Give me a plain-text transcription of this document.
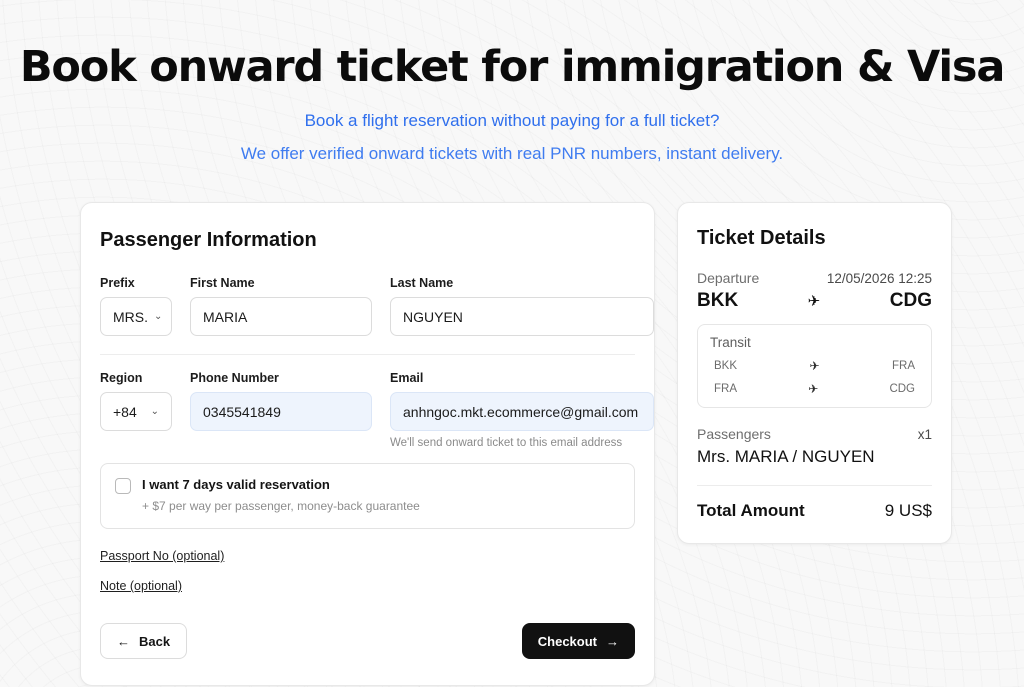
Book onward ticket for immigration & Visa
Book a flight reservation without paying for a full ticket?
We offer verified onward tickets with real PNR numbers, instant delivery.
Passenger Information
Prefix
MRS. ⌄
First Name
MARIA
Last Name
NGUYEN
Region
+84 ⌄
Phone Number
0345541849
Email
anhngoc.mkt.ecommerce@gmail.com
We'll send onward ticket to this email address
I want 7 days valid reservation
+ $7 per way per passenger, money-back guarantee
Passport No (optional)
Note (optional)
← Back	Checkout →
Ticket Details
Departure	12/05/2026 12:25
BKK	✈	CDG
Transit
BKK	✈	FRA
FRA	✈	CDG
Passengers	x1
Mrs. MARIA / NGUYEN
Total Amount	9 US$
